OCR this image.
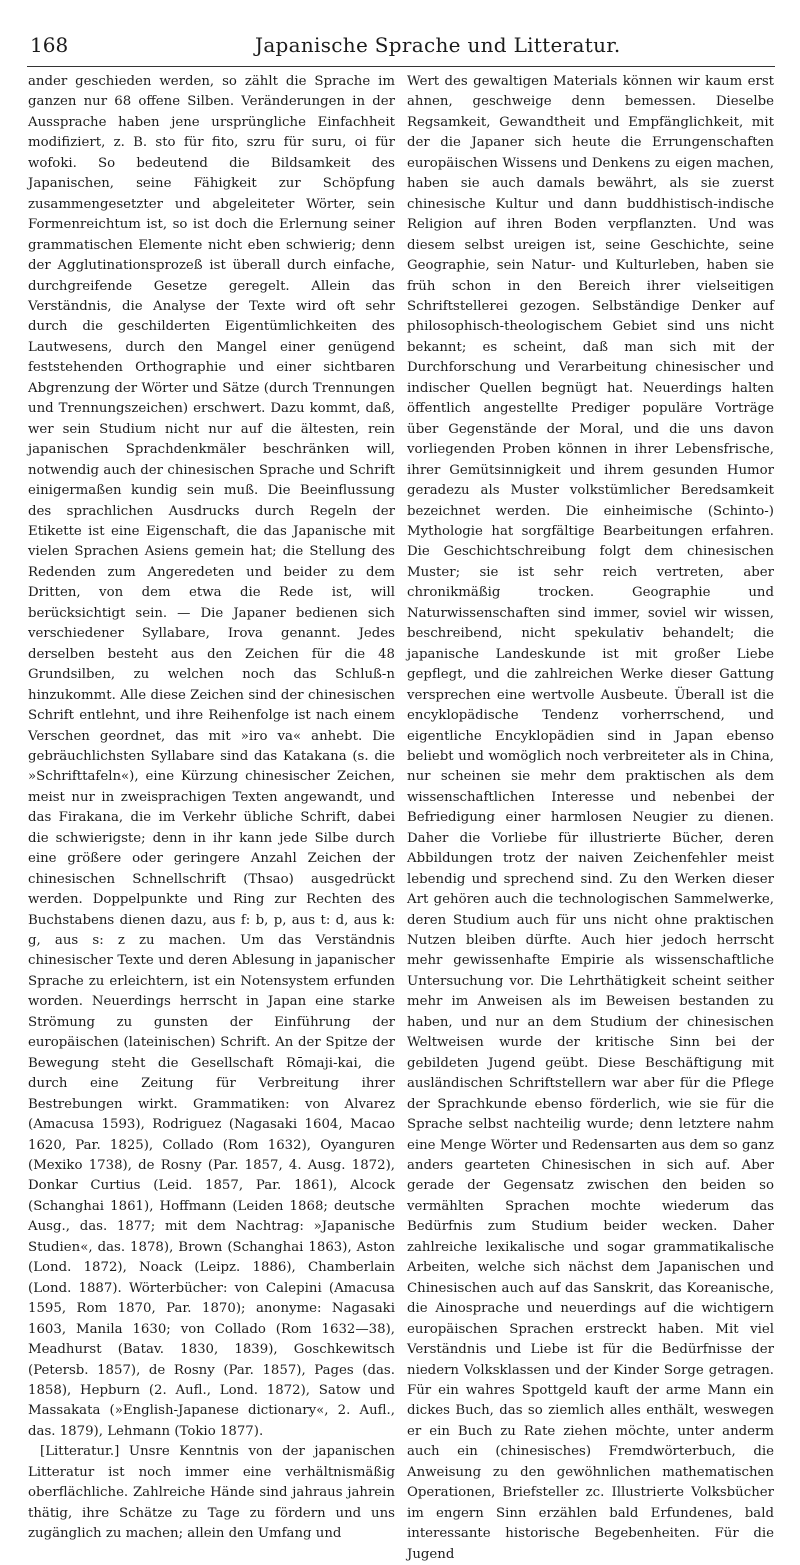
168	Japanische Sprache und Litteratur.

ander geschieden werden, so zählt die Sprache im ganzen nur 68 offene Silben. Veränderungen in der Aussprache haben jene ursprüngliche Einfachheit modifiziert, z. B. sto für fito, szru für suru, oi für wofoki. So bedeutend die Bildsamkeit des Japanischen, seine Fähigkeit zur Schöpfung zusammengesetzter und abgeleiteter Wörter, sein Formenreichtum ist, so ist doch die Erlernung seiner grammatischen Elemente nicht eben schwierig; denn der Agglutinationsprozeß ist überall durch einfache, durchgreifende Gesetze geregelt. Allein das Verständnis, die Analyse der Texte wird oft sehr durch die geschilderten Eigentümlichkeiten des Lautwesens, durch den Mangel einer genügend feststehenden Orthographie und einer sichtbaren Abgrenzung der Wörter und Sätze (durch Trennungen und Trennungszeichen) erschwert. Dazu kommt, daß, wer sein Studium nicht nur auf die ältesten, rein japanischen Sprachdenkmäler beschränken will, notwendig auch der chinesischen Sprache und Schrift einigermaßen kundig sein muß. Die Beeinflussung des sprachlichen Ausdrucks durch Regeln der Etikette ist eine Eigenschaft, die das Japanische mit vielen Sprachen Asiens gemein hat; die Stellung des Redenden zum Angeredeten und beider zu dem Dritten, von dem etwa die Rede ist, will berücksichtigt sein. — Die Japaner bedienen sich verschiedener Syllabare, Irova genannt. Jedes derselben besteht aus den Zeichen für die 48 Grundsilben, zu welchen noch das Schluß-n hinzukommt. Alle diese Zeichen sind der chinesischen Schrift entlehnt, und ihre Reihenfolge ist nach einem Verschen geordnet, das mit »iro va« anhebt. Die gebräuchlichsten Syllabare sind das Katakana (s. die »Schrifttafeln«), eine Kürzung chinesischer Zeichen, meist nur in zweisprachigen Texten angewandt, und das Firakana, die im Verkehr übliche Schrift, dabei die schwierigste; denn in ihr kann jede Silbe durch eine größere oder geringere Anzahl Zeichen der chinesischen Schnellschrift (Thsao) ausgedrückt werden. Doppelpunkte und Ring zur Rechten des Buchstabens dienen dazu, aus f: b, p, aus t: d, aus k: g, aus s: z zu machen. Um das Verständnis chinesischer Texte und deren Ablesung in japanischer Sprache zu erleichtern, ist ein Notensystem erfunden worden. Neuerdings herrscht in Japan eine starke Strömung zu gunsten der Einführung der europäischen (lateinischen) Schrift. An der Spitze der Bewegung steht die Gesellschaft Rōmaji-kai, die durch eine Zeitung für Verbreitung ihrer Bestrebungen wirkt. Grammatiken: von Alvarez (Amacusa 1593), Rodriguez (Nagasaki 1604, Macao 1620, Par. 1825), Collado (Rom 1632), Oyanguren (Mexiko 1738), de Rosny (Par. 1857, 4. Ausg. 1872), Donkar Curtius (Leid. 1857, Par. 1861), Alcock (Schanghai 1861), Hoffmann (Leiden 1868; deutsche Ausg., das. 1877; mit dem Nachtrag: »Japanische Studien«, das. 1878), Brown (Schanghai 1863), Aston (Lond. 1872), Noack (Leipz. 1886), Chamberlain (Lond. 1887). Wörterbücher: von Calepini (Amacusa 1595, Rom 1870, Par. 1870); anonyme: Nagasaki 1603, Manila 1630; von Collado (Rom 1632—38), Meadhurst (Batav. 1830, 1839), Goschkewitsch (Petersb. 1857), de Rosny (Par. 1857), Pages (das. 1858), Hepburn (2. Aufl., Lond. 1872), Satow und Massakata (»English-Japanese dictionary«, 2. Aufl., das. 1879), Lehmann (Tokio 1877).

[Litteratur.] Unsre Kenntnis von der japanischen Litteratur ist noch immer eine verhältnismäßig oberflächliche. Zahlreiche Hände sind jahraus jahrein thätig, ihre Schätze zu Tage zu fördern und uns zugänglich zu machen; allein den Umfang und

Wert des gewaltigen Materials können wir kaum erst ahnen, geschweige denn bemessen. Dieselbe Regsamkeit, Gewandtheit und Empfänglichkeit, mit der die Japaner sich heute die Errungenschaften europäischen Wissens und Denkens zu eigen machen, haben sie auch damals bewährt, als sie zuerst chinesische Kultur und dann buddhistisch-indische Religion auf ihren Boden verpflanzten. Und was diesem selbst ureigen ist, seine Geschichte, seine Geographie, sein Natur- und Kulturleben, haben sie früh schon in den Bereich ihrer vielseitigen Schriftstellerei gezogen. Selbständige Denker auf philosophisch-theologischem Gebiet sind uns nicht bekannt; es scheint, daß man sich mit der Durchforschung und Verarbeitung chinesischer und indischer Quellen begnügt hat. Neuerdings halten öffentlich angestellte Prediger populäre Vorträge über Gegenstände der Moral, und die uns davon vorliegenden Proben können in ihrer Lebensfrische, ihrer Gemütsinnigkeit und ihrem gesunden Humor geradezu als Muster volkstümlicher Beredsamkeit bezeichnet werden. Die einheimische (Schinto-) Mythologie hat sorgfältige Bearbeitungen erfahren. Die Geschichtschreibung folgt dem chinesischen Muster; sie ist sehr reich vertreten, aber chronikmäßig trocken. Geographie und Naturwissenschaften sind immer, soviel wir wissen, beschreibend, nicht spekulativ behandelt; die japanische Landeskunde ist mit großer Liebe gepflegt, und die zahlreichen Werke dieser Gattung versprechen eine wertvolle Ausbeute. Überall ist die encyklopädische Tendenz vorherrschend, und eigentliche Encyklopädien sind in Japan ebenso beliebt und womöglich noch verbreiteter als in China, nur scheinen sie mehr dem praktischen als dem wissenschaftlichen Interesse und nebenbei der Befriedigung einer harmlosen Neugier zu dienen. Daher die Vorliebe für illustrierte Bücher, deren Abbildungen trotz der naiven Zeichenfehler meist lebendig und sprechend sind. Zu den Werken dieser Art gehören auch die technologischen Sammelwerke, deren Studium auch für uns nicht ohne praktischen Nutzen bleiben dürfte. Auch hier jedoch herrscht mehr gewissenhafte Empirie als wissenschaftliche Untersuchung vor. Die Lehrthätigkeit scheint seither mehr im Anweisen als im Beweisen bestanden zu haben, und nur an dem Studium der chinesischen Weltweisen wurde der kritische Sinn bei der gebildeten Jugend geübt. Diese Beschäftigung mit ausländischen Schriftstellern war aber für die Pflege der Sprachkunde ebenso förderlich, wie sie für die Sprache selbst nachteilig wurde; denn letztere nahm eine Menge Wörter und Redensarten aus dem so ganz anders gearteten Chinesischen in sich auf. Aber gerade der Gegensatz zwischen den beiden so vermählten Sprachen mochte wiederum das Bedürfnis zum Studium beider wecken. Daher zahlreiche lexikalische und sogar grammatikalische Arbeiten, welche sich nächst dem Japanischen und Chinesischen auch auf das Sanskrit, das Koreanische, die Ainosprache und neuerdings auf die wichtigern europäischen Sprachen erstreckt haben. Mit viel Verständnis und Liebe ist für die Bedürfnisse der niedern Volksklassen und der Kinder Sorge getragen. Für ein wahres Spottgeld kauft der arme Mann ein dickes Buch, das so ziemlich alles enthält, weswegen er ein Buch zu Rate ziehen möchte, unter anderm auch ein (chinesisches) Fremdwörterbuch, die Anweisung zu den gewöhnlichen mathematischen Operationen, Briefsteller zc. Illustrierte Volksbücher im engern Sinn erzählen bald Erfundenes, bald interessante historische Begebenheiten. Für die Jugend
